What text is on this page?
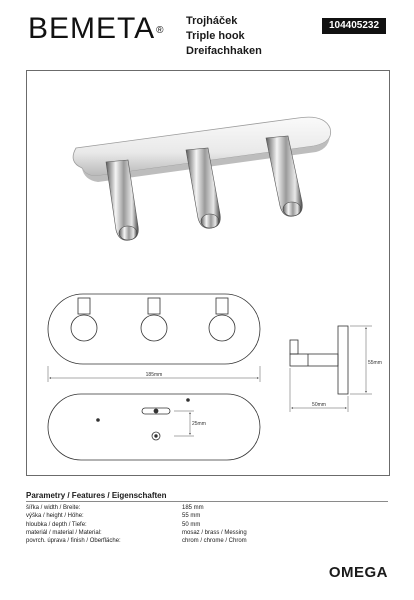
BEMETA®
Trojháček
Triple hook
Dreifachhaken
104405232
185mm
25mm
55mm
50mm
Parametry / Features / Eigenschaften
šířka / width / Breite:	185 mm
výška / height / Höhe:	55 mm
hloubka / depth / Tiefe:	50 mm
materiál / material / Material:	mosaz / brass / Messing
povrch. úprava / finish / Oberfläche:	chrom / chrome / Chrom
OMEGA
